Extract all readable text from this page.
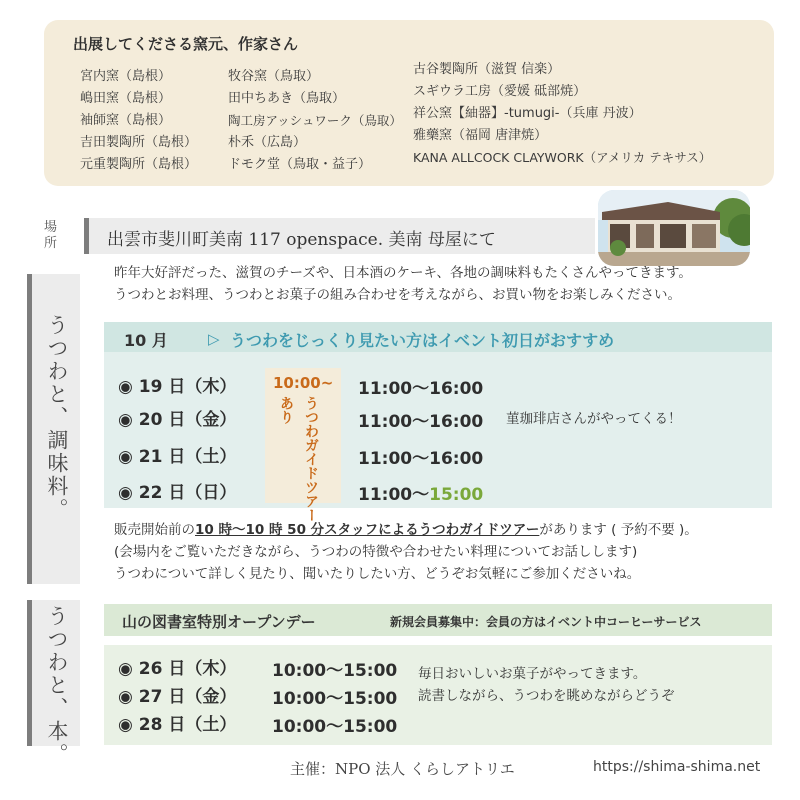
出展してくださる窯元、作家さん
宮内窯（島根）
嶋田窯（島根）
袖師窯（島根）
吉田製陶所（島根）
元重製陶所（島根）
牧谷窯（鳥取）
田中ちあき（鳥取）
陶工房アッシュワーク（鳥取）
朴禾（広島）
ドモク堂（鳥取・益子）
古谷製陶所（滋賀 信楽）
スギウラ工房（愛媛 砥部焼）
祥公窯【紬器】-tumugi-（兵庫 丹波）
雅藥窯（福岡 唐津焼）
KANA ALLCOCK CLAYWORK（アメリカ テキサス）
場所	出雲市斐川町美南 117 openspace. 美南 母屋にて
うつわと、調味料。
昨年大好評だった、滋賀のチーズや、日本酒のケーキ、各地の調味料もたくさんやってきます。
うつわとお料理、うつわとお菓子の組み合わせを考えながら、お買い物をお楽しみください。
10 月	▷ うつわをじっくり見たい方はイベント初日がおすすめ
10:00~
あり うつわガイドツアー
◉ 19 日（木）	11:00〜16:00
◉ 20 日（金）	11:00〜16:00 菫珈琲店さんがやってくる！
◉ 21 日（土）	11:00〜16:00
◉ 22 日（日）	11:00〜15:00
販売開始前の10 時〜10 時 50 分スタッフによるうつわガイドツアーがあります ( 予約不要 )。
(会場内をご覧いただきながら、うつわの特徴や合わせたい料理についてお話しします)
うつわについて詳しく見たり、聞いたりしたい方、どうぞお気軽にご参加くださいね。
うつわと、本。	山の図書室特別オープンデー	新規会員募集中：会員の方はイベント中コーヒーサービス
◉ 26 日（木） 10:00〜15:00
◉ 27 日（金） 10:00〜15:00
◉ 28 日（土） 10:00〜15:00
毎日おいしいお菓子がやってきます。
読書しながら、うつわを眺めながらどうぞ
主催：NPO 法人 くらしアトリエ	https://shima-shima.net
